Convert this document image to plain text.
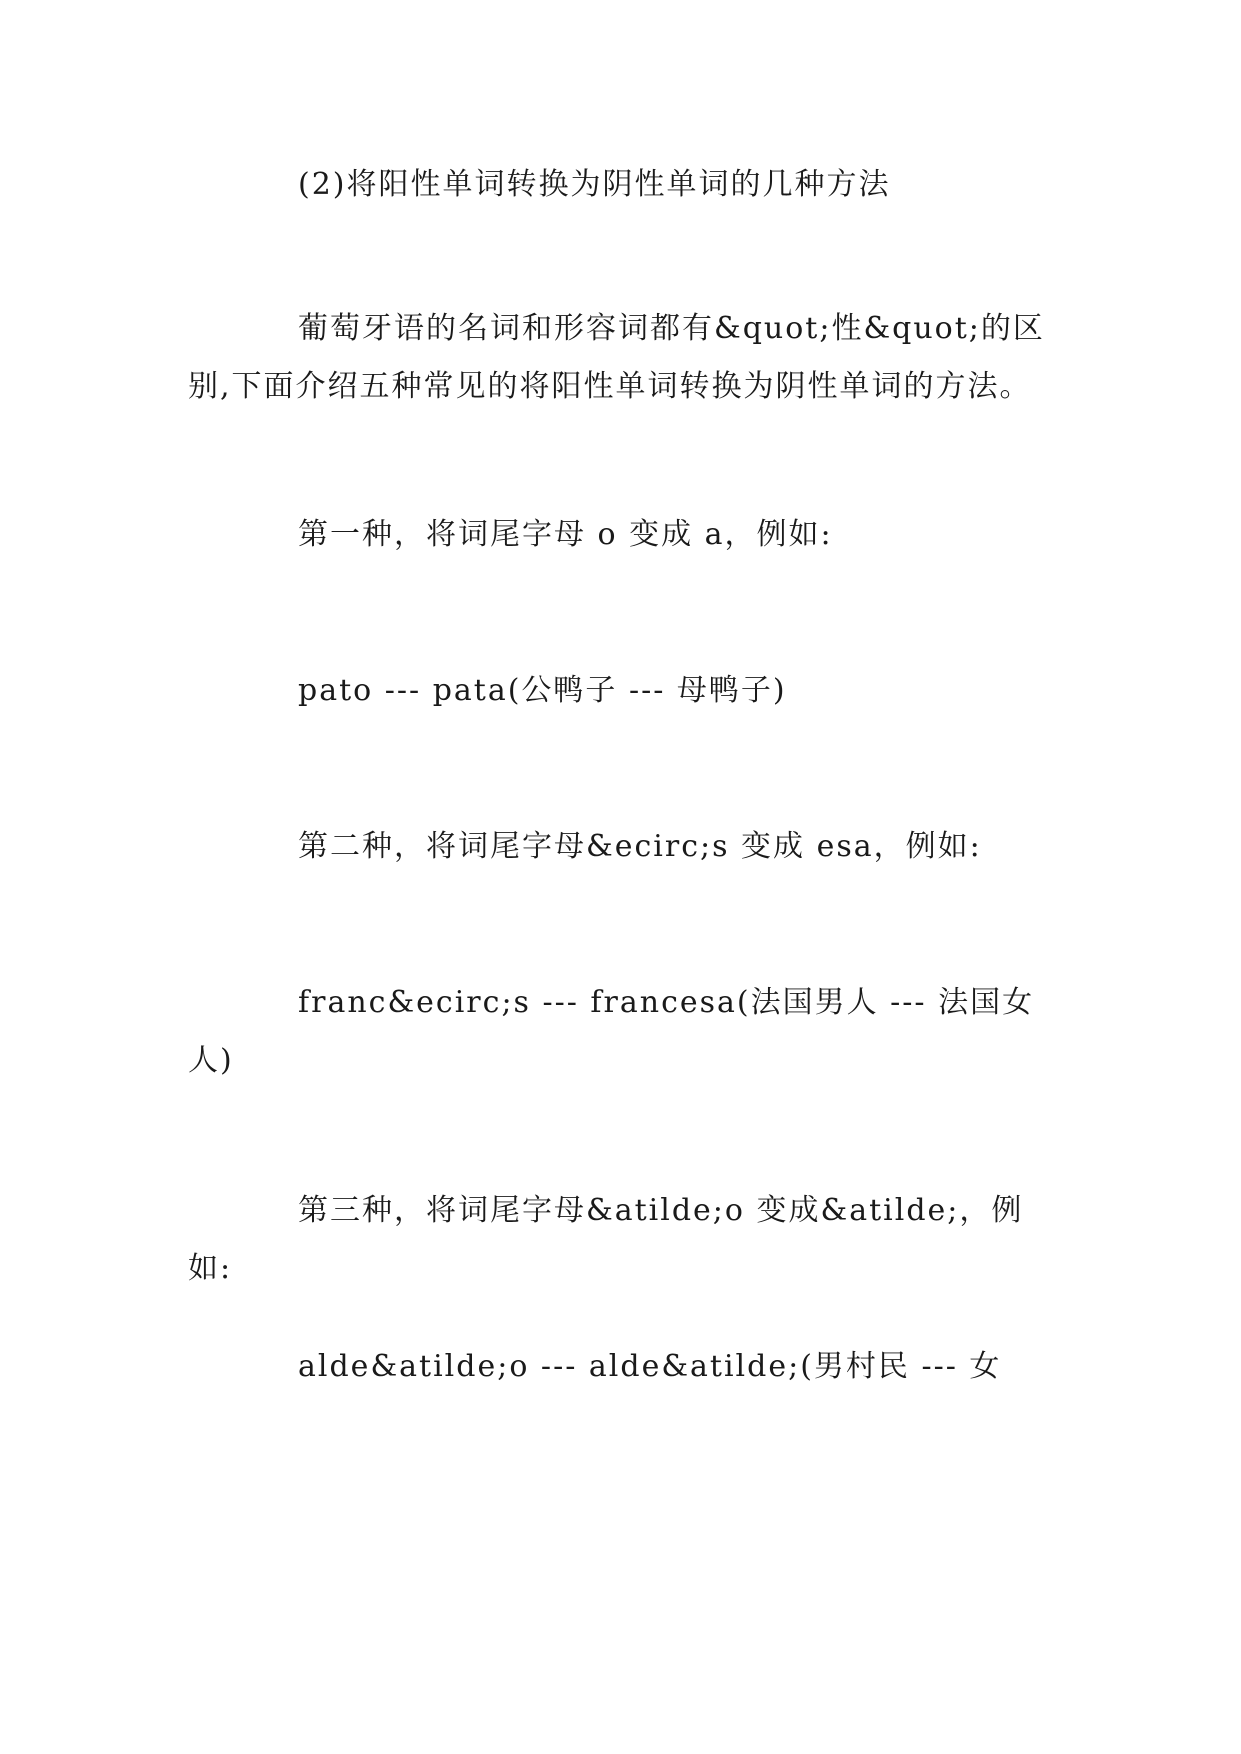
(2)将阳性单词转换为阴性单词的几种方法

葡萄牙语的名词和形容词都有&quot;性&quot;的区别,下面介绍五种常见的将阳性单词转换为阴性单词的方法。

第一种，将词尾字母 o 变成 a，例如:

pato --- pata(公鸭子 --- 母鸭子)

第二种，将词尾字母&ecirc;s 变成 esa，例如:

franc&ecirc;s --- francesa(法国男人 --- 法国女人)

第三种，将词尾字母&atilde;o 变成&atilde;，例如:

alde&atilde;o --- alde&atilde;(男村民 --- 女
